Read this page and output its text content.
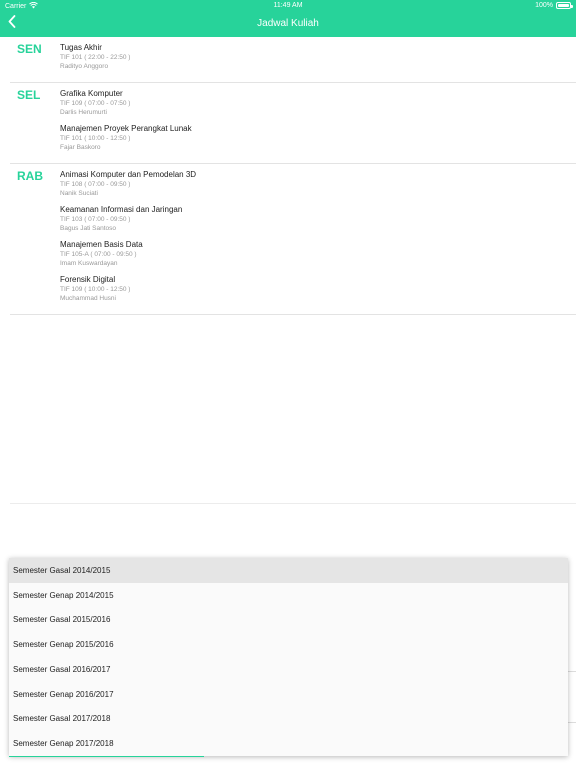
Carrier	11:49 AM	100%
Jadwal Kuliah
SEN Tugas Akhir
TIF 101 ( 22:00 - 22:50 )
Radityo Anggoro
SEL Grafika Komputer
TIF 109 ( 07:00 - 07:50 )
Darlis Herumurti
Manajemen Proyek Perangkat Lunak
TIF 101 ( 10:00 - 12:50 )
Fajar Baskoro
RAB Animasi Komputer dan Pemodelan 3D
TIF 108 ( 07:00 - 09:50 )
Nanik Suciati
Keamanan Informasi dan Jaringan
TIF 103 ( 07:00 - 09:50 )
Bagus Jati Santoso
Manajemen Basis Data
TIF 105-A ( 07:00 - 09:50 )
Imam Kuswardayan
Forensik Digital
TIF 109 ( 10:00 - 12:50 )
Muchammad Husni
Semester Gasal 2014/2015
Semester Genap 2014/2015
Semester Gasal 2015/2016
Semester Genap 2015/2016
Semester Gasal 2016/2017
Semester Genap 2016/2017
Semester Gasal 2017/2018
Semester Genap 2017/2018
